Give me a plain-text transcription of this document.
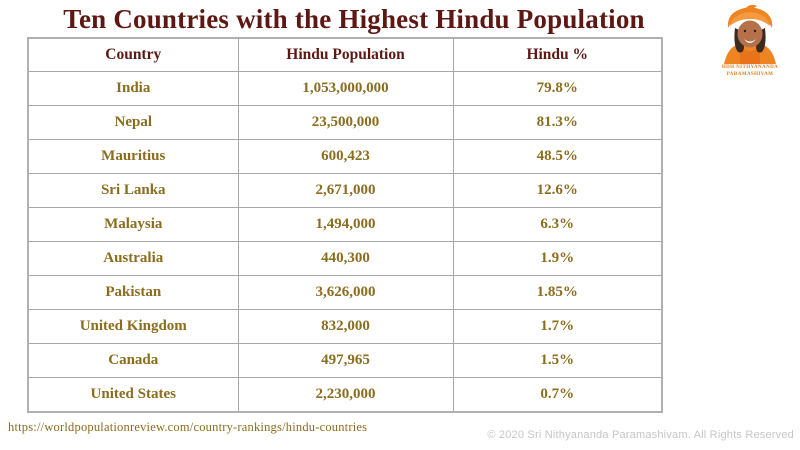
Ten Countries with the Highest Hindu Population
HDH NITHYANANDA
PARAMASHIVAM
Country	Hindu Population	Hindu %
India	1,053,000,000	79.8%
Nepal	23,500,000	81.3%
Mauritius	600,423	48.5%
Sri Lanka	2,671,000	12.6%
Malaysia	1,494,000	6.3%
Australia	440,300	1.9%
Pakistan	3,626,000	1.85%
United Kingdom	832,000	1.7%
Canada	497,965	1.5%
United States	2,230,000	0.7%
https://worldpopulationreview.com/country-rankings/hindu-countries
© 2020 Sri Nithyananda Paramashivam. All Rights Reserved
